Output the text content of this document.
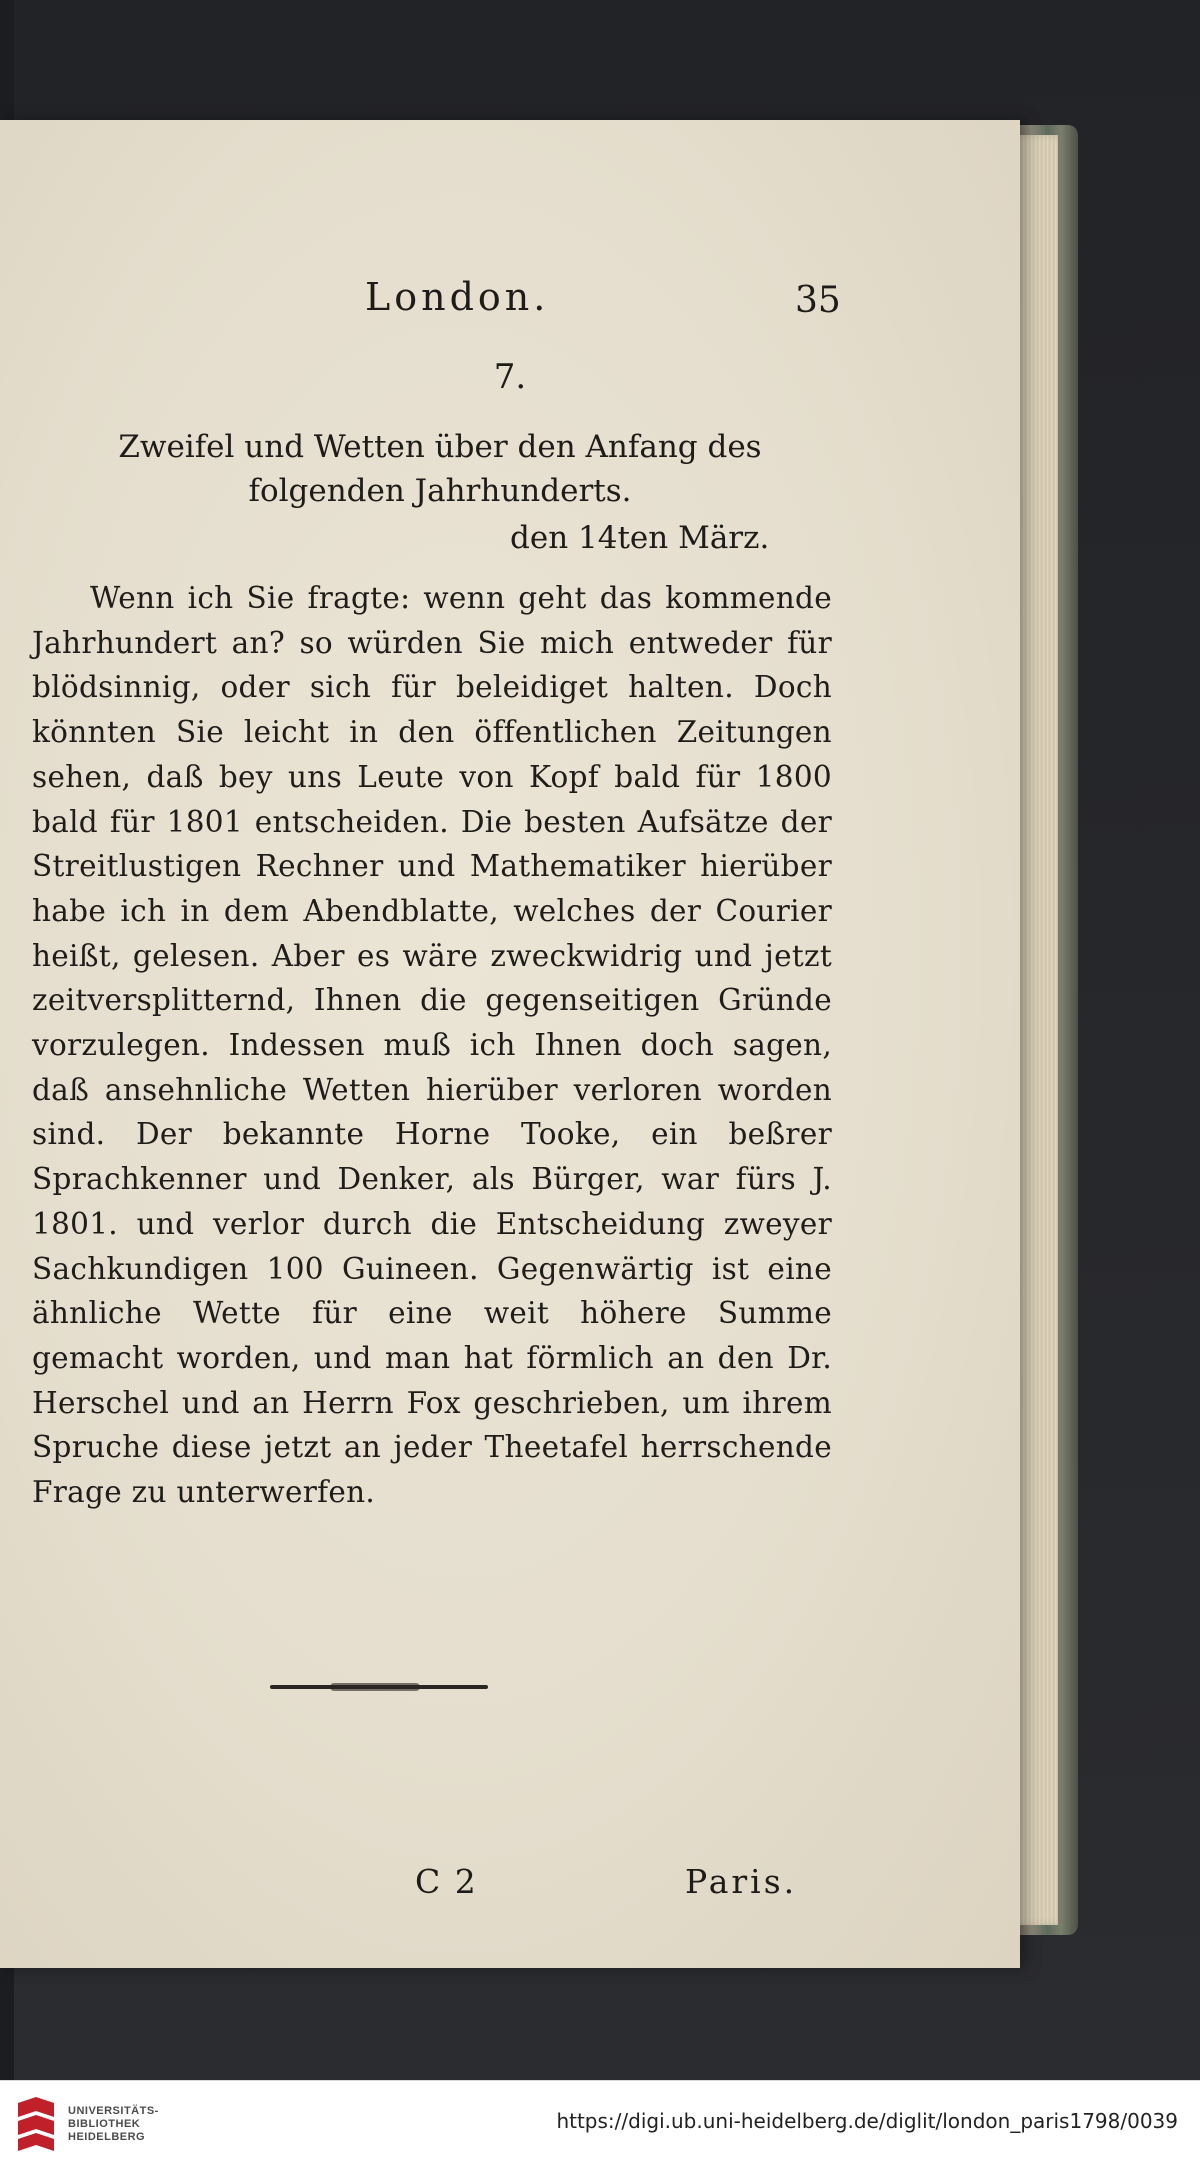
London.	35
7.
Zweifel und Wetten über den Anfang des folgenden Jahrhunderts.
den 14ten März.

Wenn ich Sie fragte: wenn geht das kommende Jahrhundert an? so würden Sie mich entweder für blödsinnig, oder sich für beleidiget halten. Doch könnten Sie leicht in den öffentlichen Zeitungen sehen, daß bey uns Leute von Kopf bald für 1800 bald für 1801 entscheiden. Die besten Aufsätze der Streitlustigen Rechner und Mathematiker hierüber habe ich in dem Abendblatte, welches der Courier heißt, gelesen. Aber es wäre zweckwidrig und jetzt zeitversplitternd, Ihnen die gegenseitigen Gründe vorzulegen. Indessen muß ich Ihnen doch sagen, daß ansehnliche Wetten hierüber verloren worden sind. Der bekannte Horne Tooke, ein beßrer Sprachkenner und Denker, als Bürger, war fürs J. 1801. und verlor durch die Entscheidung zweyer Sachkundigen 100 Guineen. Gegenwärtig ist eine ähnliche Wette für eine weit höhere Summe gemacht worden, und man hat förmlich an den Dr. Herschel und an Herrn Fox geschrieben, um ihrem Spruche diese jetzt an jeder Theetafel herrschende Frage zu unterwerfen.

C 2	Paris.
UNIVERSITÄTS-
BIBLIOTHEK
HEIDELBERG
https://digi.ub.uni-heidelberg.de/diglit/london_paris1798/0039
